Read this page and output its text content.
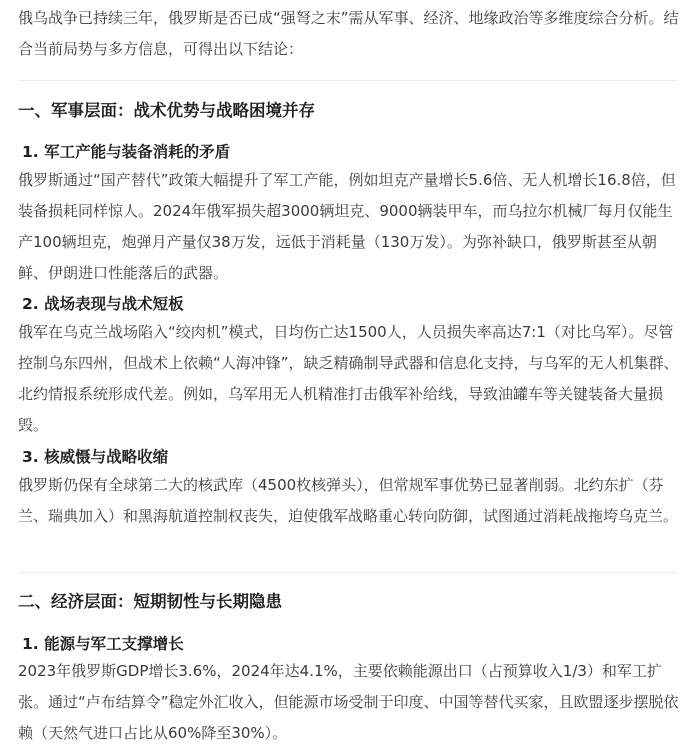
俄乌战争已持续三年，俄罗斯是否已成“强弩之末”需从军事、经济、地缘政治等多维度综合分析。结合当前局势与多方信息，可得出以下结论：

一、军事层面：战术优势与战略困境并存
1. 军工产能与装备消耗的矛盾

俄罗斯通过“国产替代”政策大幅提升了军工产能，例如坦克产量增长5.6倍、无人机增长16.8倍，但装备损耗同样惊人。2024年俄军损失超3000辆坦克、9000辆装甲车，而乌拉尔机械厂每月仅能生产100辆坦克，炮弹月产量仅38万发，远低于消耗量（130万发）。为弥补缺口，俄罗斯甚至从朝鲜、伊朗进口性能落后的武器。

2. 战场表现与战术短板

俄军在乌克兰战场陷入“绞肉机”模式，日均伤亡达1500人，人员损失率高达7:1（对比乌军）。尽管控制乌东四州，但战术上依赖“人海冲锋”，缺乏精确制导武器和信息化支持，与乌军的无人机集群、北约情报系统形成代差。例如，乌军用无人机精准打击俄军补给线，导致油罐车等关键装备大量损毁。

3. 核威慑与战略收缩

俄罗斯仍保有全球第二大的核武库（4500枚核弹头），但常规军事优势已显著削弱。北约东扩（芬兰、瑞典加入）和黑海航道控制权丧失，迫使俄军战略重心转向防御，试图通过消耗战拖垮乌克兰。

二、经济层面：短期韧性与长期隐患
1. 能源与军工支撑增长

2023年俄罗斯GDP增长3.6%，2024年达4.1%，主要依赖能源出口（占预算收入1/3）和军工扩张。通过“卢布结算令”稳定外汇收入，但能源市场受制于印度、中国等替代买家，且欧盟逐步摆脱依赖（天然气进口占比从60%降至30%）。
